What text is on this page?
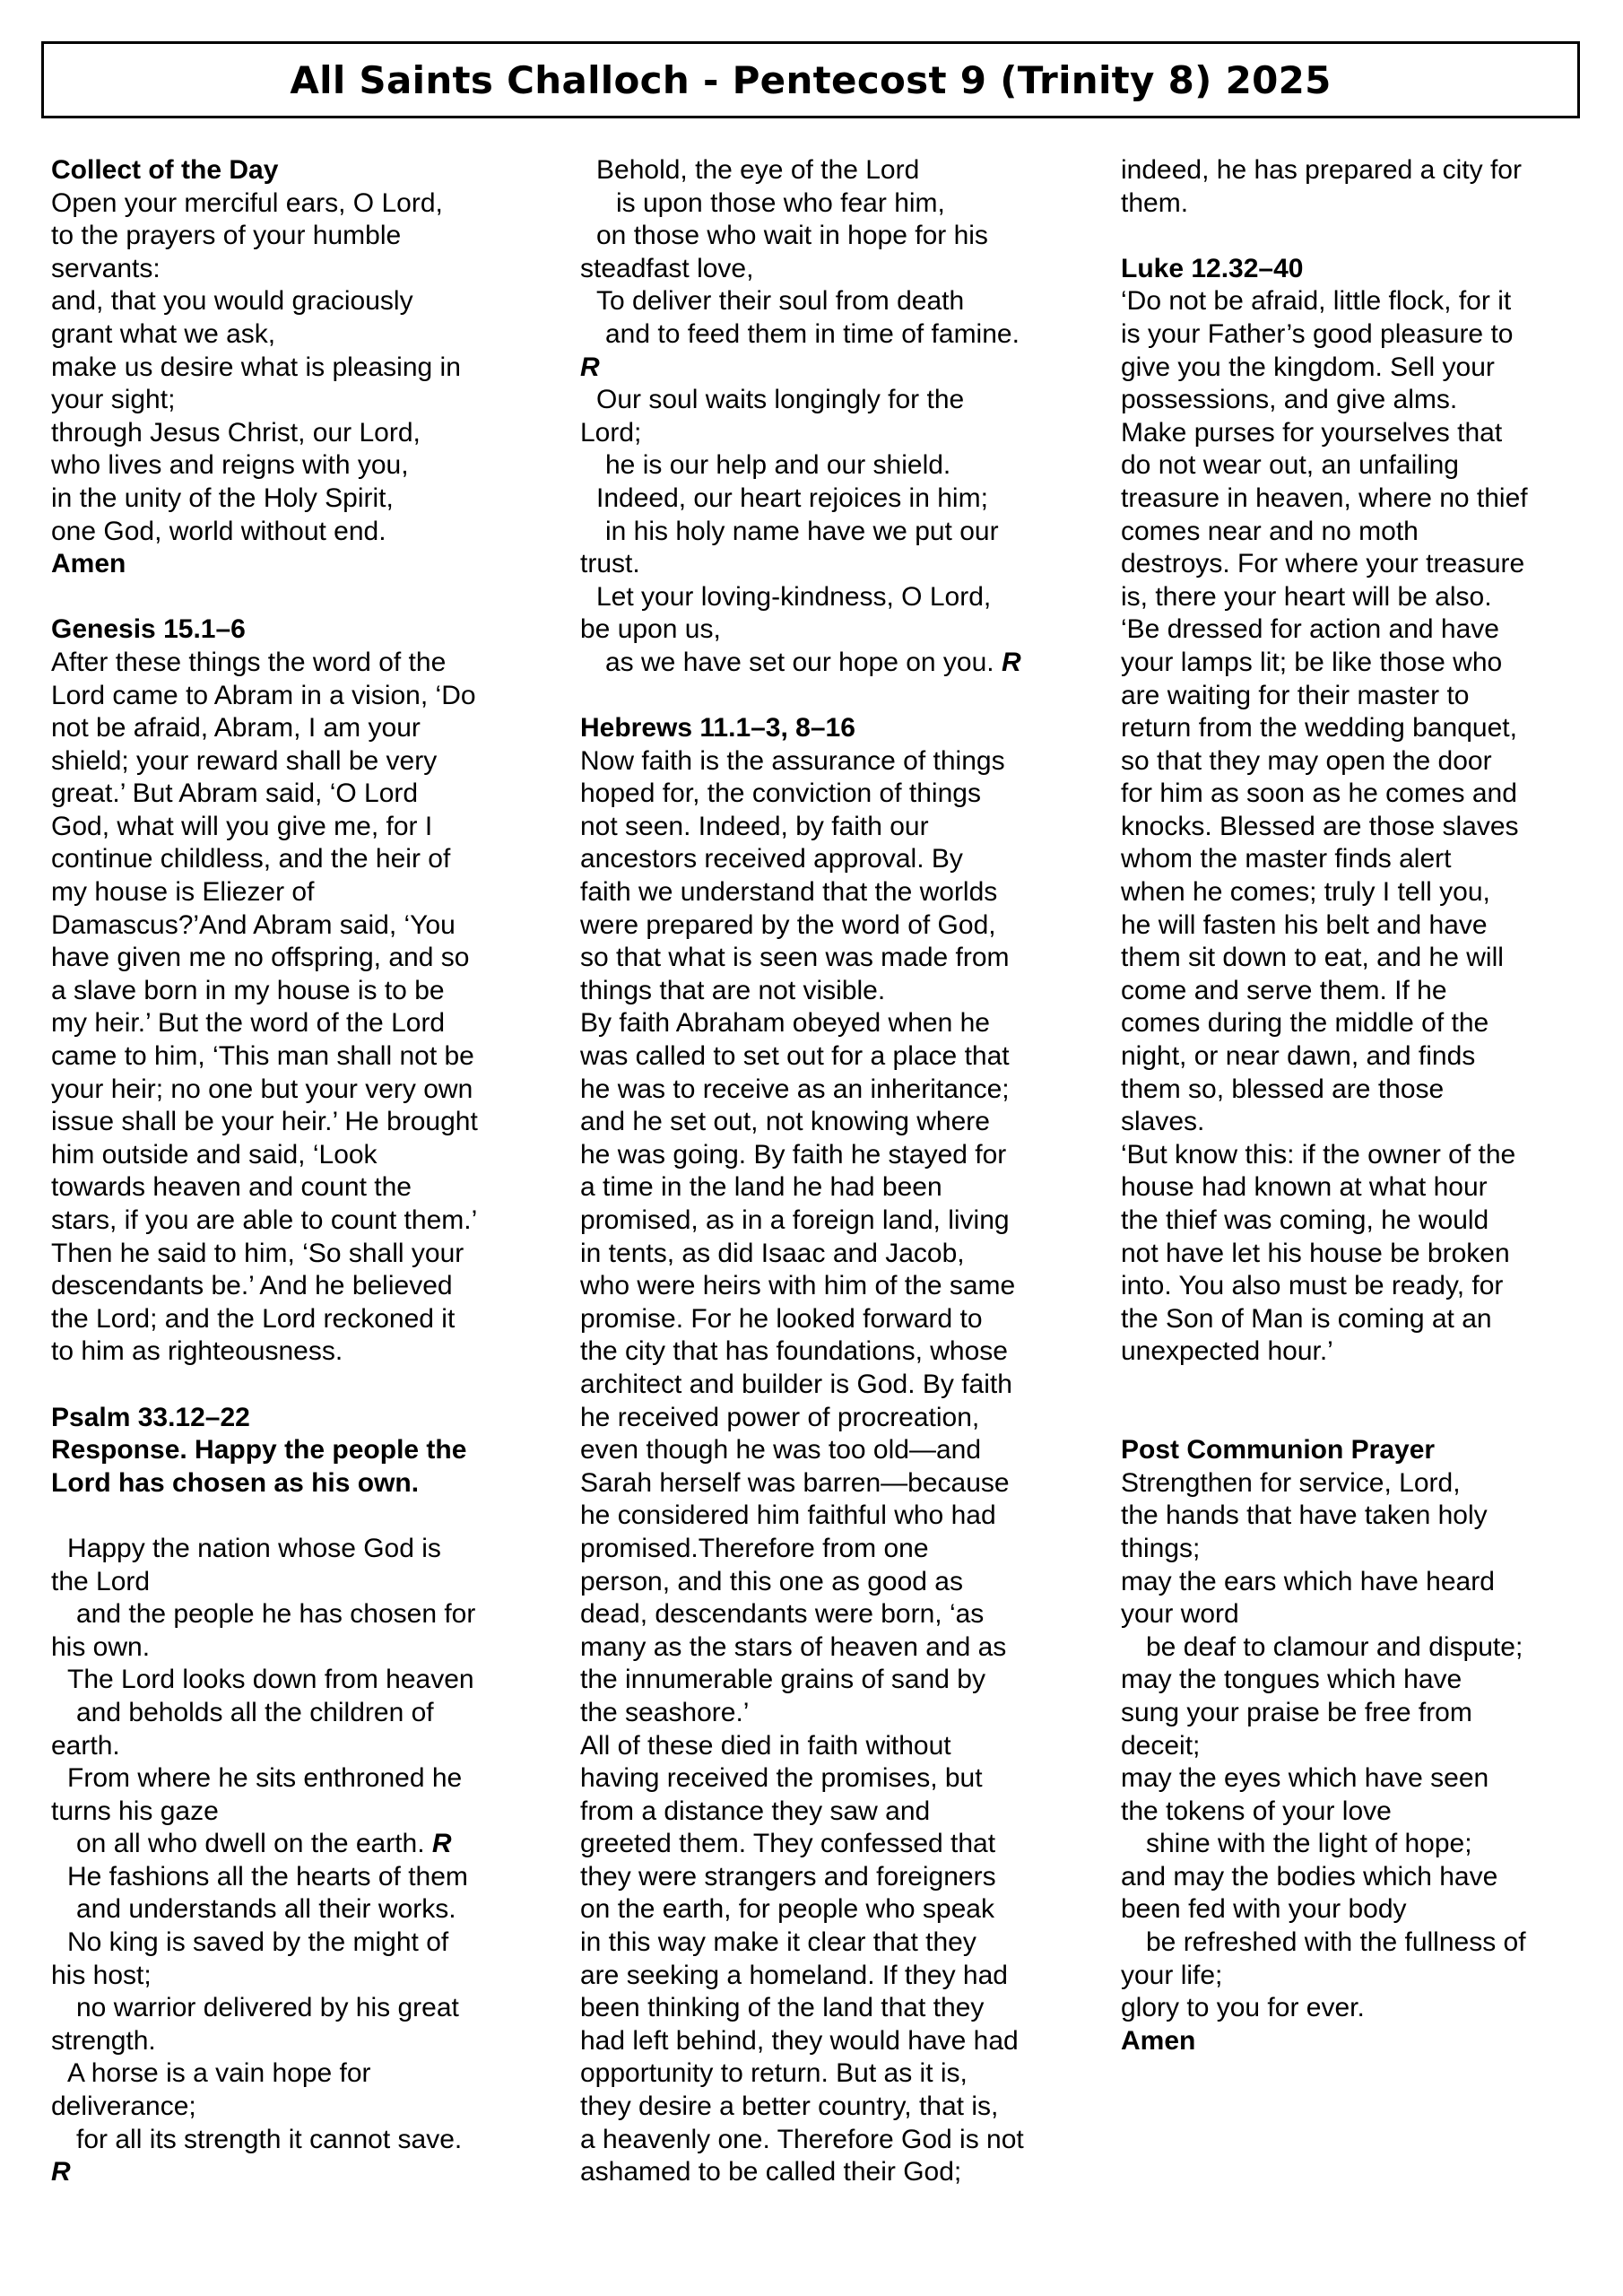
All Saints Challoch - Pentecost 9 (Trinity 8) 2025
Collect of the Day
Open your merciful ears, O Lord,
to the prayers of your humble
servants:
and, that you would graciously
grant what we ask,
make us desire what is pleasing in
your sight;
through Jesus Christ, our Lord,
who lives and reigns with you,
in the unity of the Holy Spirit,
one God, world without end.
Amen
Genesis 15.1–6
After these things the word of the
Lord came to Abram in a vision, ‘Do
not be afraid, Abram, I am your
shield; your reward shall be very
great.’ But Abram said, ‘O Lord
God, what will you give me, for I
continue childless, and the heir of
my house is Eliezer of
Damascus?’And Abram said, ‘You
have given me no offspring, and so
a slave born in my house is to be
my heir.’ But the word of the Lord
came to him, ‘This man shall not be
your heir; no one but your very own
issue shall be your heir.’ He brought
him outside and said, ‘Look
towards heaven and count the
stars, if you are able to count them.’
Then he said to him, ‘So shall your
descendants be.’ And he believed
the Lord; and the Lord reckoned it
to him as righteousness.
Psalm 33.12–22
Response. Happy the people the
Lord has chosen as his own.
Happy the nation whose God is
the Lord
and the people he has chosen for
his own.
The Lord looks down from heaven
and beholds all the children of
earth.
From where he sits enthroned he
turns his gaze
on all who dwell on the earth. R
He fashions all the hearts of them
and understands all their works.
No king is saved by the might of
his host;
no warrior delivered by his great
strength.
A horse is a vain hope for
deliverance;
for all its strength it cannot save.
R
Behold, the eye of the Lord
is upon those who fear him,
on those who wait in hope for his
steadfast love,
To deliver their soul from death
and to feed them in time of famine.
R
Our soul waits longingly for the
Lord;
he is our help and our shield.
Indeed, our heart rejoices in him;
in his holy name have we put our
trust.
Let your loving-kindness, O Lord,
be upon us,
as we have set our hope on you. R
Hebrews 11.1–3, 8–16
Now faith is the assurance of things
hoped for, the conviction of things
not seen. Indeed, by faith our
ancestors received approval. By
faith we understand that the worlds
were prepared by the word of God,
so that what is seen was made from
things that are not visible.
By faith Abraham obeyed when he
was called to set out for a place that
he was to receive as an inheritance;
and he set out, not knowing where
he was going. By faith he stayed for
a time in the land he had been
promised, as in a foreign land, living
in tents, as did Isaac and Jacob,
who were heirs with him of the same
promise. For he looked forward to
the city that has foundations, whose
architect and builder is God. By faith
he received power of procreation,
even though he was too old—and
Sarah herself was barren—because
he considered him faithful who had
promised.Therefore from one
person, and this one as good as
dead, descendants were born, ‘as
many as the stars of heaven and as
the innumerable grains of sand by
the seashore.’
All of these died in faith without
having received the promises, but
from a distance they saw and
greeted them. They confessed that
they were strangers and foreigners
on the earth, for people who speak
in this way make it clear that they
are seeking a homeland. If they had
been thinking of the land that they
had left behind, they would have had
opportunity to return. But as it is,
they desire a better country, that is,
a heavenly one. Therefore God is not
ashamed to be called their God;
indeed, he has prepared a city for
them.
Luke 12.32–40
‘Do not be afraid, little flock, for it
is your Father’s good pleasure to
give you the kingdom. Sell your
possessions, and give alms.
Make purses for yourselves that
do not wear out, an unfailing
treasure in heaven, where no thief
comes near and no moth
destroys. For where your treasure
is, there your heart will be also.
‘Be dressed for action and have
your lamps lit; be like those who
are waiting for their master to
return from the wedding banquet,
so that they may open the door
for him as soon as he comes and
knocks. Blessed are those slaves
whom the master finds alert
when he comes; truly I tell you,
he will fasten his belt and have
them sit down to eat, and he will
come and serve them. If he
comes during the middle of the
night, or near dawn, and finds
them so, blessed are those
slaves.
‘But know this: if the owner of the
house had known at what hour
the thief was coming, he would
not have let his house be broken
into. You also must be ready, for
the Son of Man is coming at an
unexpected hour.’
Post Communion Prayer
Strengthen for service, Lord,
the hands that have taken holy
things;
may the ears which have heard
your word
be deaf to clamour and dispute;
may the tongues which have
sung your praise be free from
deceit;
may the eyes which have seen
the tokens of your love
shine with the light of hope;
and may the bodies which have
been fed with your body
be refreshed with the fullness of
your life;
glory to you for ever.
Amen
